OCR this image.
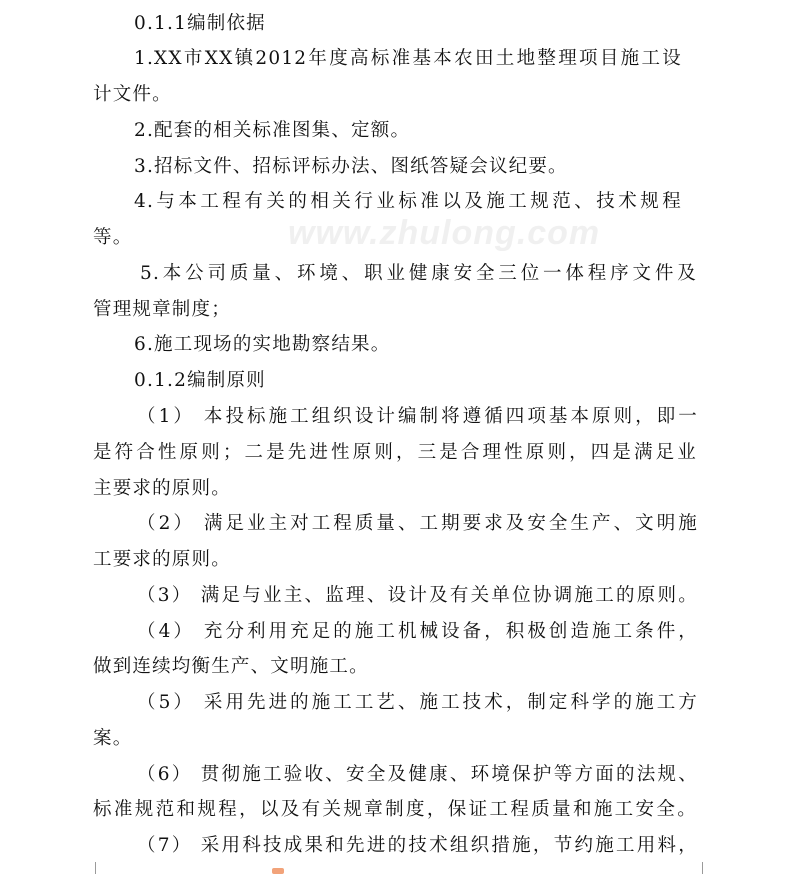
www.zhulong.com
0.1.1编制依据
1.XX市XX镇2012年度高标准基本农田土地整理项目施工设
计文件。
2.配套的相关标准图集、定额。
3.招标文件、招标评标办法、图纸答疑会议纪要。
4.与本工程有关的相关行业标准以及施工规范、技术规程
等。
5.本公司质量、环境、职业健康安全三位一体程序文件及
管理规章制度；
6.施工现场的实地勘察结果。
0.1.2编制原则
（1） 本投标施工组织设计编制将遵循四项基本原则，即一
是符合性原则；二是先进性原则，三是合理性原则，四是满足业
主要求的原则。
（2） 满足业主对工程质量、工期要求及安全生产、文明施
工要求的原则。
（3） 满足与业主、监理、设计及有关单位协调施工的原则。
（4） 充分利用充足的施工机械设备，积极创造施工条件，
做到连续均衡生产、文明施工。
（5） 采用先进的施工工艺、施工技术，制定科学的施工方
案。
（6） 贯彻施工验收、安全及健康、环境保护等方面的法规、
标准规范和规程，以及有关规章制度，保证工程质量和施工安全。
（7） 采用科技成果和先进的技术组织措施，节约施工用料，
